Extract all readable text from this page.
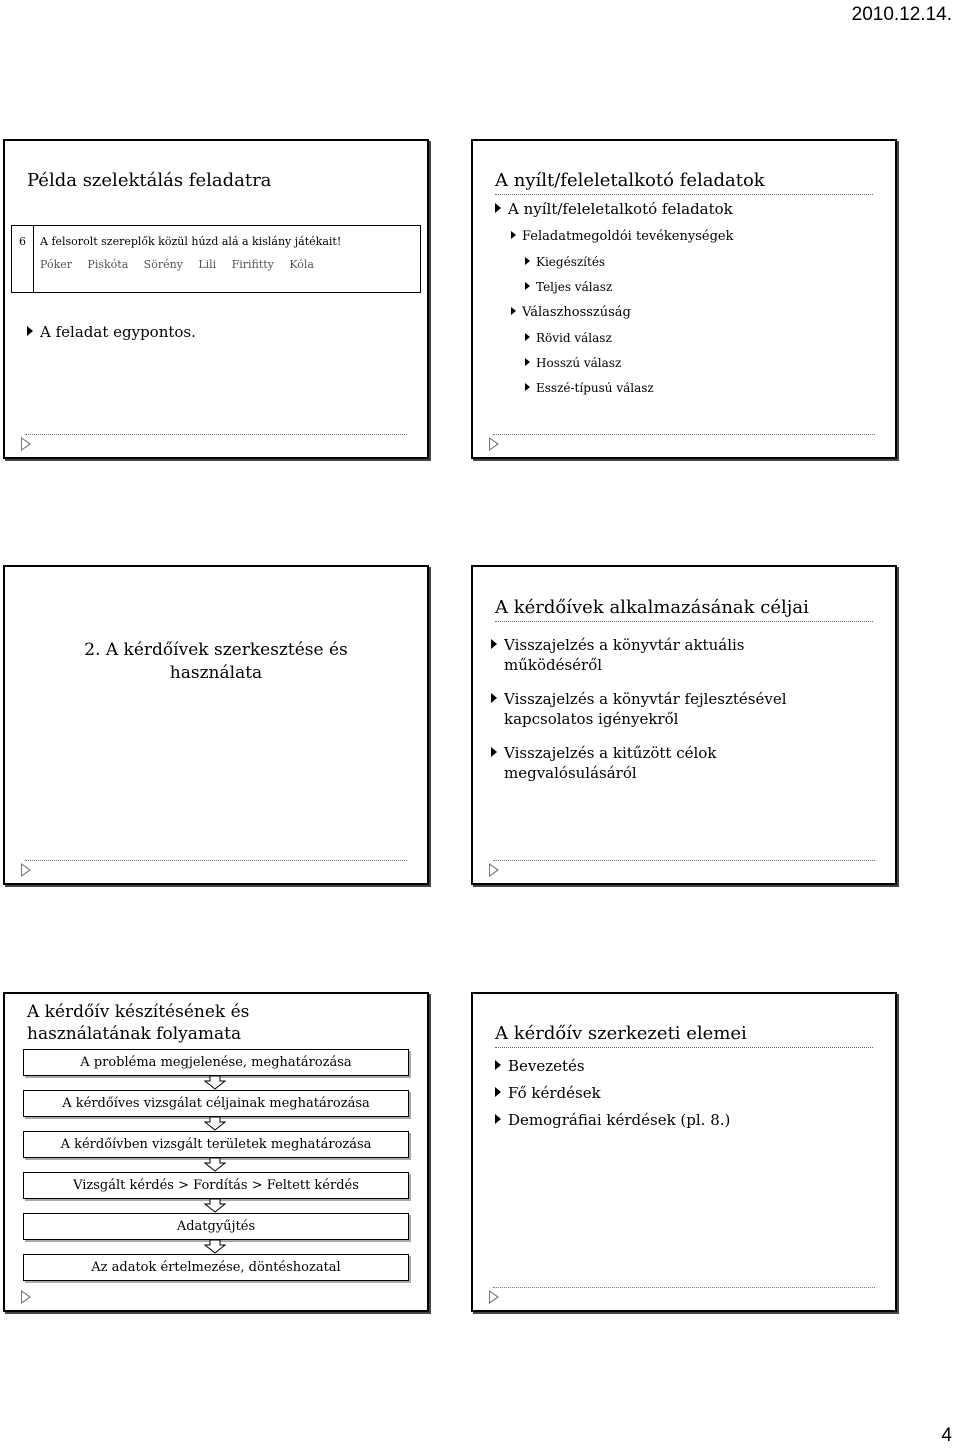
2010.12.14.
Példa szelektálás feladatra
6	A felsorolt szereplők közül húzd alá a kislány játékait!
Póker Piskóta Sörény Lili Firifitty Kóla
A feladat egypontos.
A nyílt/feleletalkotó feladatok
A nyílt/feleletalkotó feladatok
Feladatmegoldói tevékenységek
Kiegészítés
Teljes válasz
Válaszhosszúság
Rövid válasz
Hosszú válasz
Esszé-típusú válasz
2. A kérdőívek szerkesztése és
használata
A kérdőívek alkalmazásának céljai
Visszajelzés a könyvtár aktuális
működéséről
Visszajelzés a könyvtár fejlesztésével
kapcsolatos igényekről
Visszajelzés a kitűzött célok
megvalósulásáról
A kérdőív készítésének és
használatának folyamata
A probléma megjelenése, meghatározása
A kérdőíves vizsgálat céljainak meghatározása
A kérdőívben vizsgált területek meghatározása
Vizsgált kérdés > Fordítás > Feltett kérdés
Adatgyűjtés
Az adatok értelmezése, döntéshozatal
A kérdőív szerkezeti elemei
Bevezetés
Fő kérdések
Demográfiai kérdések (pl. 8.)
4
